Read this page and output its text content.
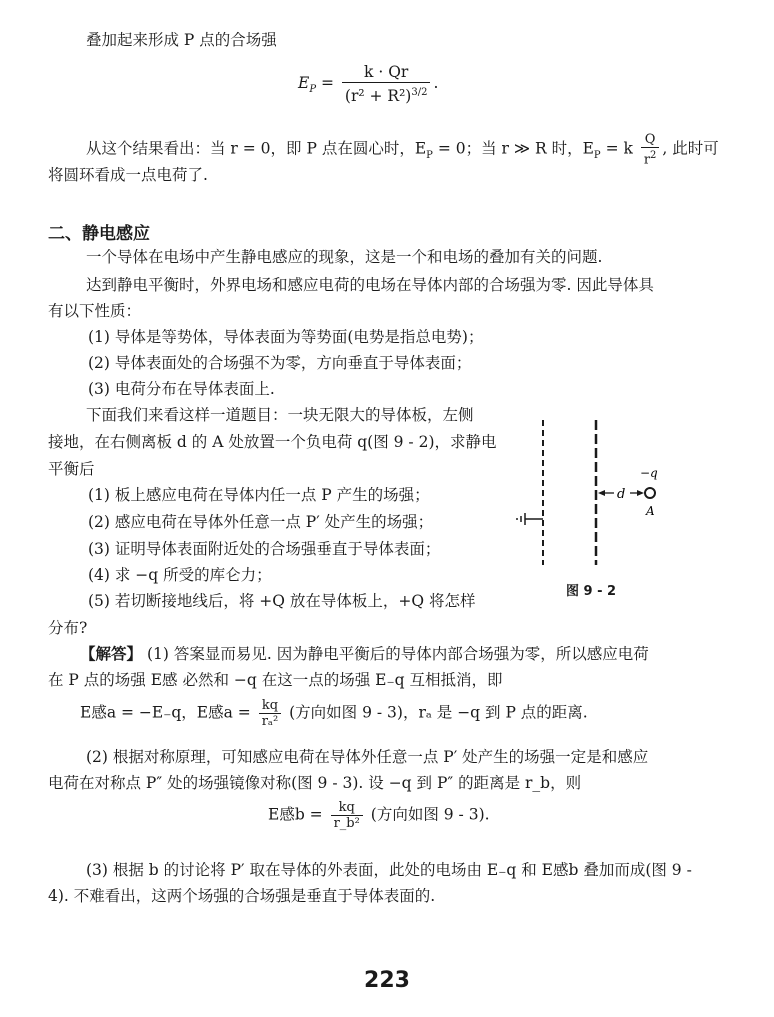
叠加起来形成 P 点的合场强
$E_P = \frac{k \cdot Qr}{(r^2 + R^2)^{3/2}}$ .
从这个结果看出：当 r = 0，即 P 点在圆心时，$E_P = 0$；当 r ≫ R 时，$E_P = k \frac{Q}{r^2}$ , 此时可
将圆环看成一点电荷了.
二、静电感应
一个导体在电场中产生静电感应的现象，这是一个和电场的叠加有关的问题.
达到静电平衡时，外界电场和感应电荷的电场在导体内部的合场强为零. 因此导体具
有以下性质：
(1) 导体是等势体，导体表面为等势面(电势是指总电势)；
(2) 导体表面处的合场强不为零，方向垂直于导体表面；
(3) 电荷分布在导体表面上.
下面我们来看这样一道题目：一块无限大的导体板，左侧
接地，在右侧离板 d 的 A 处放置一个负电荷 q(图 9 - 2)，求静电
平衡后
(1) 板上感应电荷在导体内任一点 P 产生的场强；
(2) 感应电荷在导体外任意一点 P′ 处产生的场强；
(3) 证明导体表面附近处的合场强垂直于导体表面；
(4) 求 −q 所受的库仑力；
(5) 若切断接地线后，将 +Q 放在导体板上，+Q 将怎样
分布?
d
−q
A
图 9 - 2
【解答】 (1) 答案显而易见. 因为静电平衡后的导体内部合场强为零，所以感应电荷
在 P 点的场强 E感 必然和 −q 在这一点的场强 E₋q 互相抵消，即
E感a = −E₋q，E感$a = \frac{kq}{\text{rₐ²}}$ (方向如图 9 - 3)，rₐ 是 −q 到 P 点的距离.
(2) 根据对称原理，可知感应电荷在导体外任意一点 P′ 处产生的场强一定是和感应
电荷在对称点 P″ 处的场强镜像对称(图 9 - 3). 设 −q 到 P″ 的距离是 r_b，则
E感$b = \frac{kq}{\text{r\_b²}}$ (方向如图 9 - 3).
(3) 根据 b 的讨论将 P′ 取在导体的外表面，此处的电场由 E₋q 和 E感b 叠加而成(图 9 -
4). 不难看出，这两个场强的合场强是垂直于导体表面的.
223
